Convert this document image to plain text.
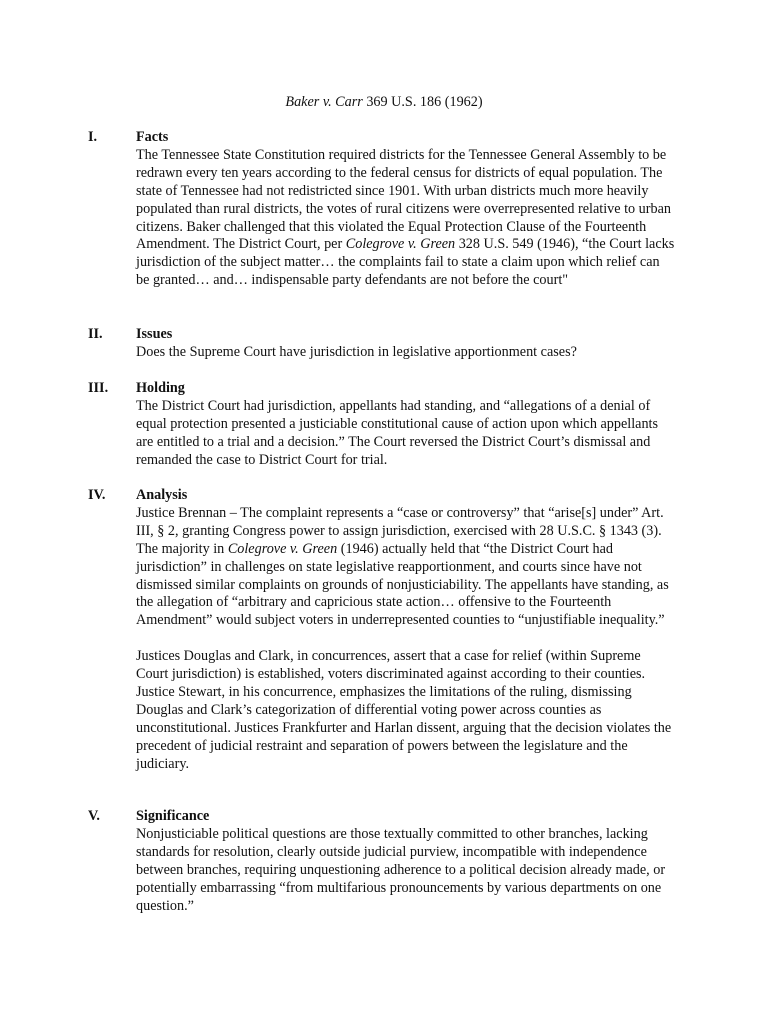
Baker v. Carr 369 U.S. 186 (1962)
I.	Facts

The Tennessee State Constitution required districts for the Tennessee General Assembly to be redrawn every ten years according to the federal census for districts of equal population. The state of Tennessee had not redistricted since 1901. With urban districts much more heavily populated than rural districts, the votes of rural citizens were overrepresented relative to urban citizens. Baker challenged that this violated the Equal Protection Clause of the Fourteenth Amendment. The District Court, per Colegrove v. Green 328 U.S. 549 (1946), “the Court lacks jurisdiction of the subject matter… the complaints fail to state a claim upon which relief can be granted… and… indispensable party defendants are not before the court"

II. Issues

Does the Supreme Court have jurisdiction in legislative apportionment cases?

III. Holding

The District Court had jurisdiction, appellants had standing, and “allegations of a denial of equal protection presented a justiciable constitutional cause of action upon which appellants are entitled to a trial and a decision.” The Court reversed the District Court’s dismissal and remanded the case to District Court for trial.

IV. Analysis

Justice Brennan – The complaint represents a “case or controversy” that “arise[s] under” Art. III, § 2, granting Congress power to assign jurisdiction, exercised with 28 U.S.C. § 1343 (3). The majority in Colegrove v. Green (1946) actually held that “the District Court had jurisdiction” in challenges on state legislative reapportionment, and courts since have not dismissed similar complaints on grounds of nonjusticiability. The appellants have standing, as the allegation of “arbitrary and capricious state action… offensive to the Fourteenth Amendment” would subject voters in underrepresented counties to “unjustifiable inequality.”

Justices Douglas and Clark, in concurrences, assert that a case for relief (within Supreme Court jurisdiction) is established, voters discriminated against according to their counties. Justice Stewart, in his concurrence, emphasizes the limitations of the ruling, dismissing Douglas and Clark’s categorization of differential voting power across counties as unconstitutional. Justices Frankfurter and Harlan dissent, arguing that the decision violates the precedent of judicial restraint and separation of powers between the legislature and the judiciary.

V.	Significance

Nonjusticiable political questions are those textually committed to other branches, lacking standards for resolution, clearly outside judicial purview, incompatible with independence between branches, requiring unquestioning adherence to a political decision already made, or potentially embarrassing “from multifarious pronouncements by various departments on one question.”
